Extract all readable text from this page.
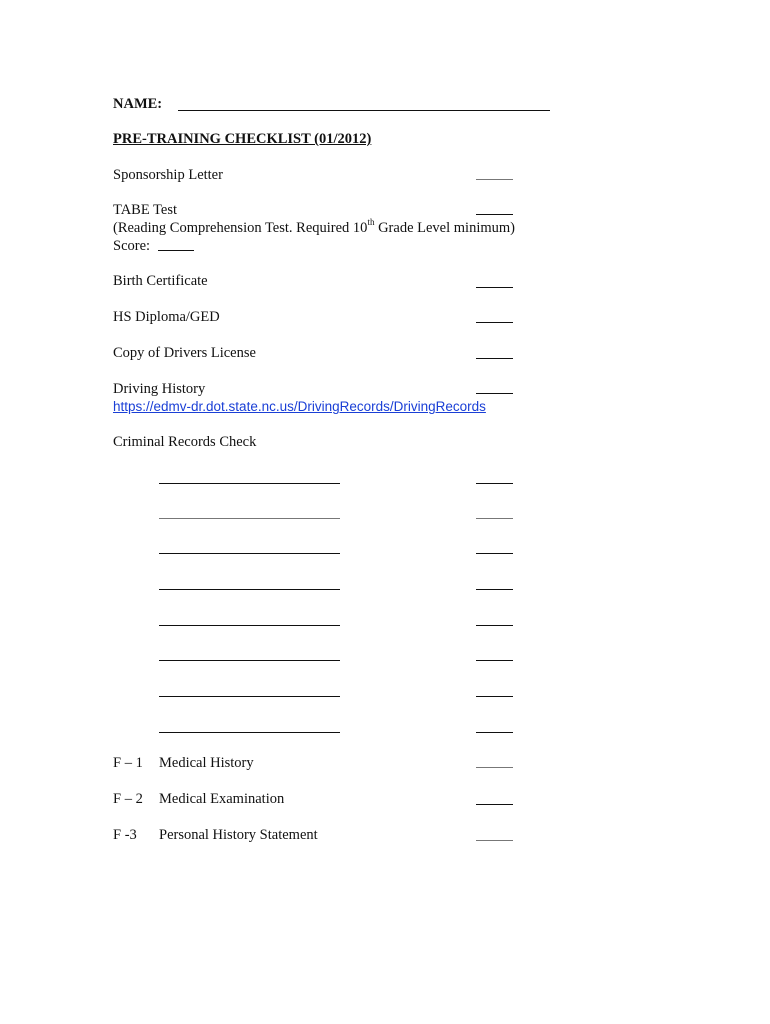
NAME:
PRE-TRAINING CHECKLIST (01/2012)
Sponsorship Letter
TABE Test
(Reading Comprehension Test. Required 10th Grade Level minimum)
Score:
Birth Certificate
HS Diploma/GED
Copy of Drivers License
Driving History
https://edmv-dr.dot.state.nc.us/DrivingRecords/DrivingRecords
Criminal Records Check
F – 1 Medical History
F – 2 Medical Examination
F -3 Personal History Statement
